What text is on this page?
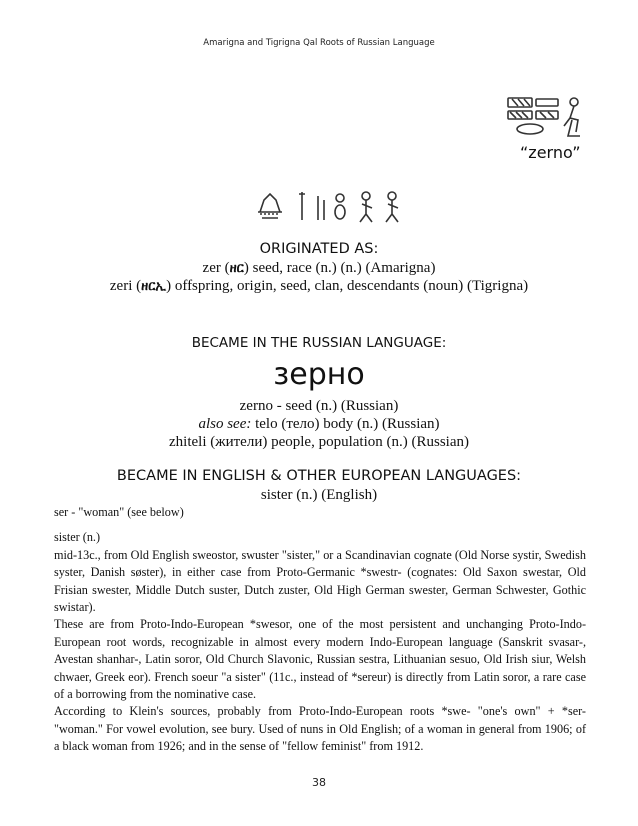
Amarigna and Tigrigna Qal Roots of Russian Language
“zerno”
ORIGINATED AS:
zer (ዘር) seed, race (n.) (n.) (Amarigna)
zeri (ዘርኢ) offspring, origin, seed, clan, descendants (noun) (Tigrigna)
BECAME IN THE RUSSIAN LANGUAGE:
зерно
zerno - seed (n.) (Russian)
also see: telo (тело) body (n.) (Russian)
zhiteli (жители) people, population (n.) (Russian)
BECAME IN ENGLISH & OTHER EUROPEAN LANGUAGES:
sister (n.) (English)

ser - "woman" (see below)

sister (n.)

mid-13c., from Old English sweostor, swuster "sister," or a Scandinavian cognate (Old Norse systir, Swedish syster, Danish søster), in either case from Proto-Germanic *swestr- (cognates: Old Saxon swestar, Old Frisian swester, Middle Dutch suster, Dutch zuster, Old High German swester, German Schwester, Gothic swistar).

These are from Proto-Indo-European *swesor, one of the most persistent and unchanging Proto-Indo-European root words, recognizable in almost every modern Indo-European language (Sanskrit svasar-, Avestan shanhar-, Latin soror, Old Church Slavonic, Russian sestra, Lithuanian sesuo, Old Irish siur, Welsh chwaer, Greek eor). French soeur "a sister" (11c., instead of *sereur) is directly from Latin soror, a rare case of a borrowing from the nominative case.

According to Klein's sources, probably from Proto-Indo-European roots *swe- "one's own" + *ser- "woman." For vowel evolution, see bury. Used of nuns in Old English; of a woman in general from 1906; of a black woman from 1926; and in the sense of "fellow feminist" from 1912.

38
